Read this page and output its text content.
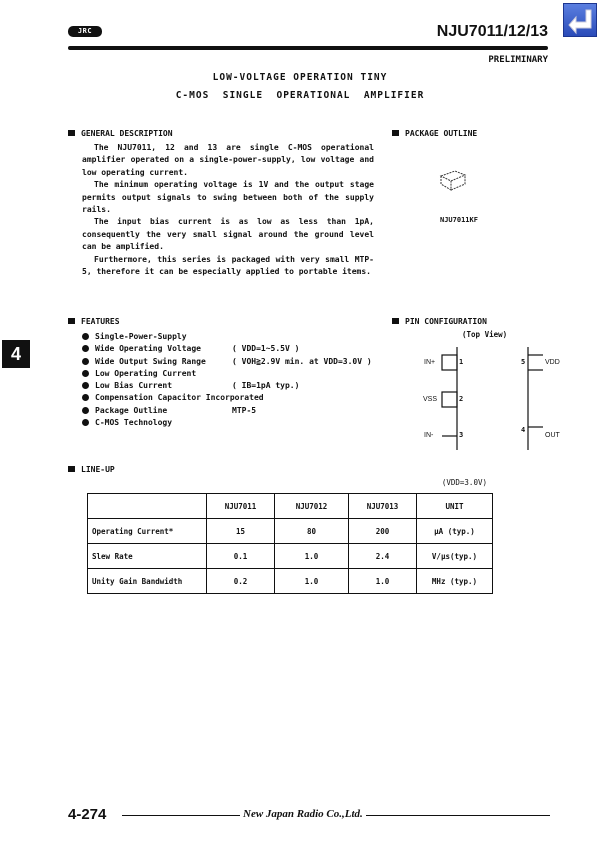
JRC	NJU7011/12/13
PRELIMINARY
LOW-VOLTAGE OPERATION TINY
C-MOS  SINGLE  OPERATIONAL  AMPLIFIER
GENERAL DESCRIPTION

The NJU7011, 12 and 13 are single C-MOS operational amplifier operated on a single-power-supply, low voltage and low operating current.

The minimum operating voltage is 1V and the output stage permits output signals to swing between both of the supply rails.

The input bias current is as low as less than 1pA, consequently the very small signal around the ground level can be amplified.

Furthermore, this series is packaged with very small MTP-5, therefore it can be especially applied to portable items.

PACKAGE OUTLINE
NJU7011KF
4
FEATURES
Single-Power-Supply
Wide Operating Voltage	( VDD=1~5.5V )
Wide Output Swing Range	( VOH≧2.9V min. at VDD=3.0V )
Low Operating Current
Low Bias Current	( IB=1pA typ.)
Compensation Capacitor Incorporated
Package Outline	MTP-5
C-MOS Technology
PIN CONFIGURATION
(Top View)
IN+	1
VSS	2
IN-	3
4
OUT
5	VDD
LINE-UP
(VDD=3.0V)
	NJU7011	NJU7012	NJU7013	UNIT
Operating Current*	15	80	200	μA (typ.)
Slew Rate	0.1	1.0	2.4	V/μs(typ.)
Unity Gain Bandwidth	0.2	1.0	1.0	MHz (typ.)
4-274	New Japan Radio Co.,Ltd.
